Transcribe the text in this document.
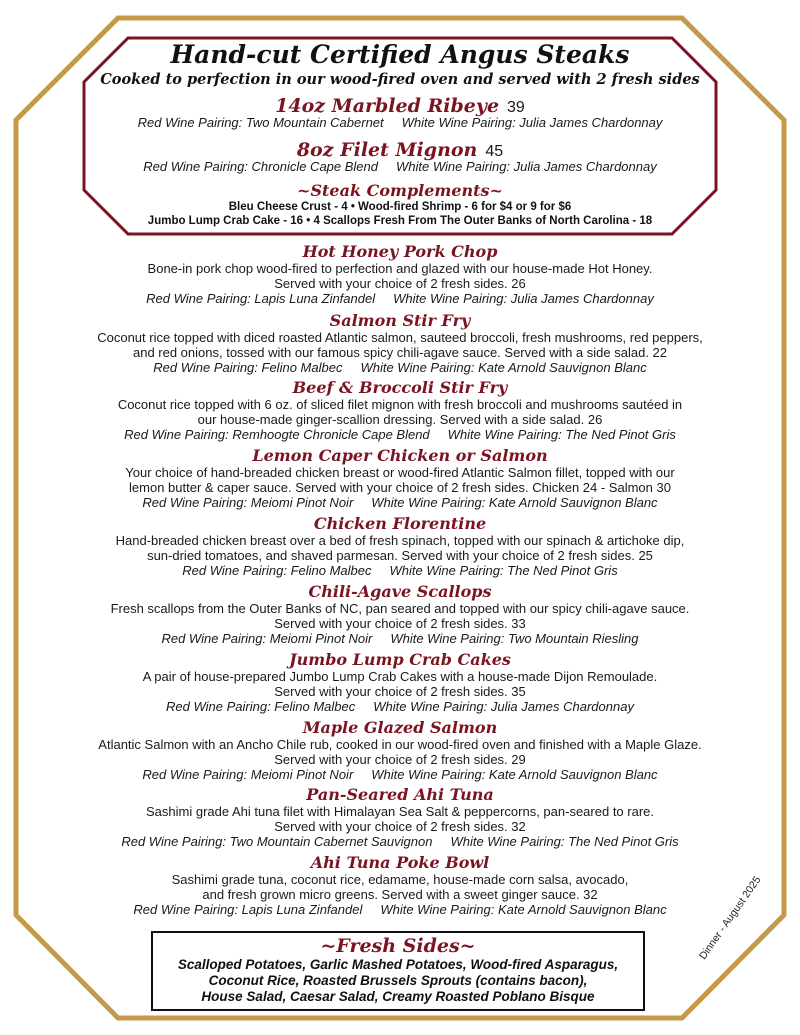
Hand-cut Certified Angus Steaks
Cooked to perfection in our wood-fired oven and served with 2 fresh sides
14oz Marbled Ribeye 39
Red Wine Pairing: Two Mountain Cabernet White Wine Pairing: Julia James Chardonnay
8oz Filet Mignon 45
Red Wine Pairing: Chronicle Cape Blend White Wine Pairing: Julia James Chardonnay
~Steak Complements~
Bleu Cheese Crust - 4 • Wood-fired Shrimp - 6 for $4 or 9 for $6
Jumbo Lump Crab Cake - 16 • 4 Scallops Fresh From The Outer Banks of North Carolina - 18
Hot Honey Pork Chop
Bone-in pork chop wood-fired to perfection and glazed with our house-made Hot Honey.
Served with your choice of 2 fresh sides. 26
Red Wine Pairing: Lapis Luna Zinfandel White Wine Pairing: Julia James Chardonnay
Salmon Stir Fry
Coconut rice topped with diced roasted Atlantic salmon, sauteed broccoli, fresh mushrooms, red peppers,
and red onions, tossed with our famous spicy chili-agave sauce. Served with a side salad. 22
Red Wine Pairing: Felino Malbec White Wine Pairing: Kate Arnold Sauvignon Blanc
Beef & Broccoli Stir Fry
Coconut rice topped with 6 oz. of sliced filet mignon with fresh broccoli and mushrooms sautéed in
our house-made ginger-scallion dressing. Served with a side salad. 26
Red Wine Pairing: Remhoogte Chronicle Cape Blend White Wine Pairing: The Ned Pinot Gris
Lemon Caper Chicken or Salmon
Your choice of hand-breaded chicken breast or wood-fired Atlantic Salmon fillet, topped with our
lemon butter & caper sauce. Served with your choice of 2 fresh sides. Chicken 24 - Salmon 30
Red Wine Pairing: Meiomi Pinot Noir White Wine Pairing: Kate Arnold Sauvignon Blanc
Chicken Florentine
Hand-breaded chicken breast over a bed of fresh spinach, topped with our spinach & artichoke dip,
sun-dried tomatoes, and shaved parmesan. Served with your choice of 2 fresh sides. 25
Red Wine Pairing: Felino Malbec White Wine Pairing: The Ned Pinot Gris
Chili-Agave Scallops
Fresh scallops from the Outer Banks of NC, pan seared and topped with our spicy chili-agave sauce.
Served with your choice of 2 fresh sides. 33
Red Wine Pairing: Meiomi Pinot Noir White Wine Pairing: Two Mountain Riesling
Jumbo Lump Crab Cakes
A pair of house-prepared Jumbo Lump Crab Cakes with a house-made Dijon Remoulade.
Served with your choice of 2 fresh sides. 35
Red Wine Pairing: Felino Malbec White Wine Pairing: Julia James Chardonnay
Maple Glazed Salmon
Atlantic Salmon with an Ancho Chile rub, cooked in our wood-fired oven and finished with a Maple Glaze.
Served with your choice of 2 fresh sides. 29
Red Wine Pairing: Meiomi Pinot Noir White Wine Pairing: Kate Arnold Sauvignon Blanc
Pan-Seared Ahi Tuna
Sashimi grade Ahi tuna filet with Himalayan Sea Salt & peppercorns, pan-seared to rare.
Served with your choice of 2 fresh sides. 32
Red Wine Pairing: Two Mountain Cabernet Sauvignon White Wine Pairing: The Ned Pinot Gris
Ahi Tuna Poke Bowl
Sashimi grade tuna, coconut rice, edamame, house-made corn salsa, avocado,
and fresh grown micro greens. Served with a sweet ginger sauce. 32
Red Wine Pairing: Lapis Luna Zinfandel White Wine Pairing: Kate Arnold Sauvignon Blanc
~Fresh Sides~
Scalloped Potatoes, Garlic Mashed Potatoes, Wood-fired Asparagus,
Coconut Rice, Roasted Brussels Sprouts (contains bacon),
House Salad, Caesar Salad, Creamy Roasted Poblano Bisque
Dinner - August 2025
